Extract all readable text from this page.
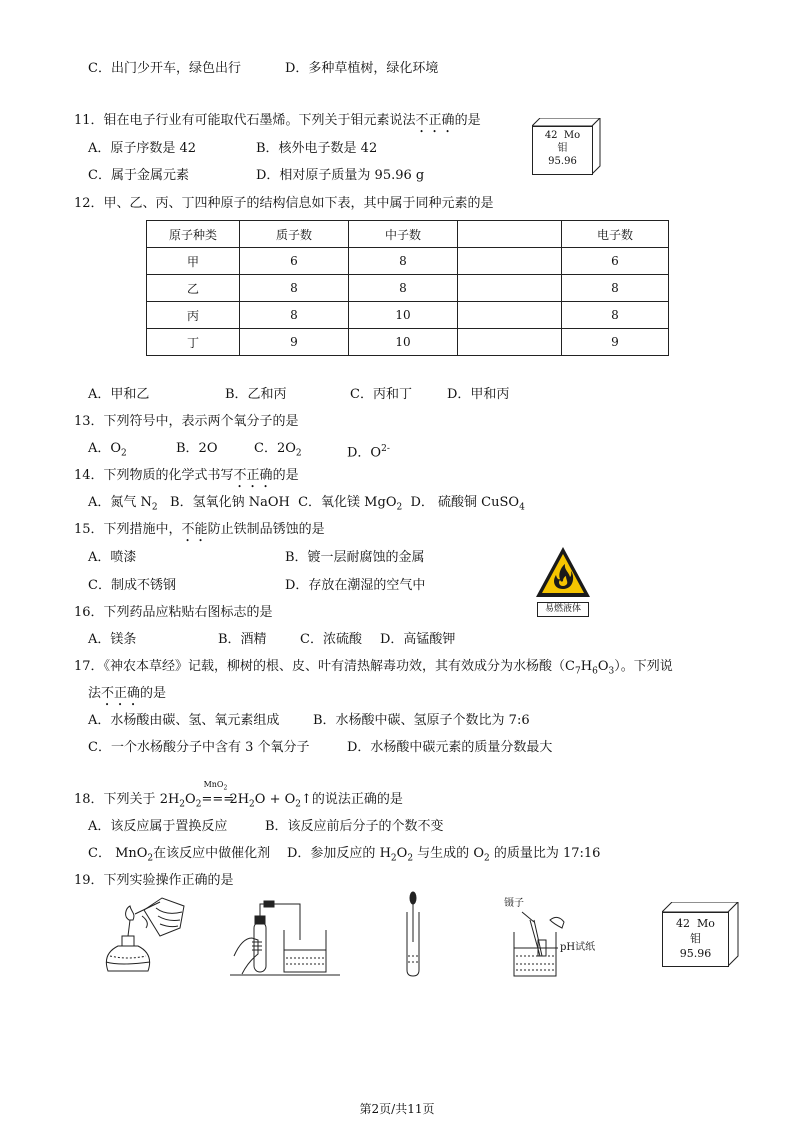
C．出门少开车，绿色出行	D．多种草植树，绿化环境
11．钼在电子行业有可能取代石墨烯。下列关于钼元素说法不正确的是
A．原子序数是 42	B．核外电子数是 42
C．属于金属元素	D．相对原子质量为 95.96 g
42 Mo
钼
95.96
12．甲、乙、丙、丁四种原子的结构信息如下表，其中属于同种元素的是
原子种类	质子数	中子数		电子数
甲	6	8		6
乙	8	8		8
丙	8	10		8
丁	9	10		9
A．甲和乙	B．乙和丙	C．丙和丁	D．甲和丙
13．下列符号中，表示两个氧分子的是
A．$O_2$	B．2O	C．$2O_2$	D．$O^{2-}$
14．下列物质的化学式书写不正确的是
A．氮气 $N_2$   B．氢氧化钠 NaOH  C．氧化镁 MgO$_2$  D． 硫酸铜 CuSO$_4$
15．下列措施中，不能防止铁制品锈蚀的是
A．喷漆	B．镀一层耐腐蚀的金属
C．制成不锈钢	D．存放在潮湿的空气中
易燃液体
16．下列药品应粘贴右图标志的是
A．镁条	B．酒精	C．浓硫酸 D．高锰酸钾
17．《神农本草经》记载，柳树的根、皮、叶有清热解毒功效，其有效成分为水杨酸$(C_7H_6O_3)$。下列说
法不正确的是
A．水杨酸由碳、氢、氧元素组成	B．水杨酸中碳、氢原子个数比为 7:6
C．一个水杨酸分子中含有 3 个氧分子	D．水杨酸中碳元素的质量分数最大
18．下列关于 $2H_2O_2$
MnO$_2$
$===2H_2O$ + $O_2↑$的说法正确的是
A．该反应属于置换反应	B．该反应前后分子的个数不变
C． MnO$_2$在该反应中做催化剂 D．参加反应的 $H_2O_2$ 与生成的 $O_2$ 的质量比为 17:16
19．下列实验操作正确的是
镊子
pH试纸
42 Mo
钼
95.96
第2页/共11页
